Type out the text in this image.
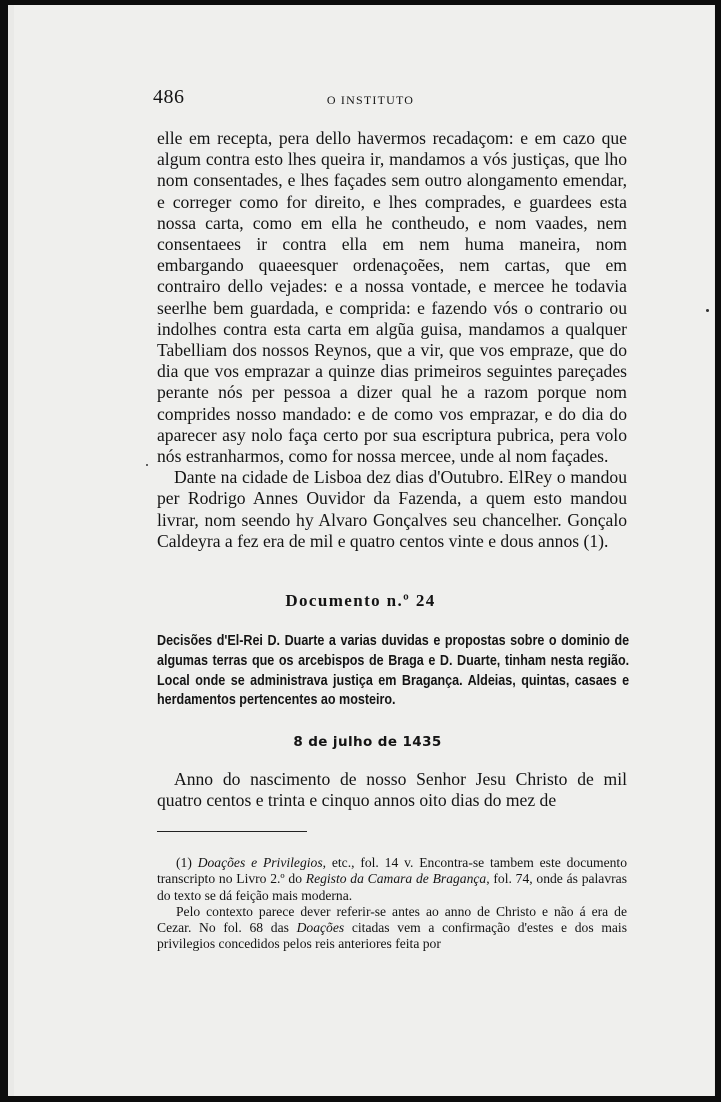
486	O INSTITUTO

elle em recepta, pera dello havermos recadaçom: e em cazo que algum contra esto lhes queira ir, mandamos a vós justiças, que lho nom consentades, e lhes façades sem outro alongamento emendar, e correger como for direito, e lhes comprades, e guardees esta nossa carta, como em ella he contheudo, e nom vaades, nem consentaees ir contra ella em nem huma maneira, nom embargando quaeesquer ordenaçoẽes, nem cartas, que em contrairo dello vejades: e a nossa vontade, e mercee he todavia seerlhe bem guardada, e comprida: e fazendo vós o contrario ou indolhes contra esta carta em algũa guisa, mandamos a qualquer Tabelliam dos nossos Reynos, que a vir, que vos empraze, que do dia que vos emprazar a quinze dias primeiros seguintes pareçades perante nós per pessoa a dizer qual he a razom porque nom comprides nosso mandado: e de como vos emprazar, e do dia do aparecer asy nolo faça certo por sua escriptura pubrica, pera volo nós estranharmos, como for nossa mercee, unde al nom façades.

Dante na cidade de Lisboa dez dias d'Outubro. ElRey o mandou per Rodrigo Annes Ouvidor da Fazenda, a quem esto mandou livrar, nom seendo hy Alvaro Gonçalves seu chancelher. Gonçalo Caldeyra a fez era de mil e quatro centos vinte e dous annos (1).

Documento n.º 24
Decisões d'El-Rei D. Duarte a varias duvidas e propostas sobre o dominio de algumas terras que os arcebispos de Braga e D. Duarte, tinham nesta região. Local onde se administrava justiça em Bragança. Aldeias, quintas, casaes e herdamentos pertencentes ao mosteiro.
8 de julho de 1435

Anno do nascimento de nosso Senhor Jesu Christo de mil quatro centos e trinta e cinquo annos oito dias do mez de

(1) Doações e Privilegios, etc., fol. 14 v. Encontra-se tambem este documento transcripto no Livro 2.º do Registo da Camara de Bragança, fol. 74, onde ás palavras do texto se dá feição mais moderna.

Pelo contexto parece dever referir-se antes ao anno de Christo e não á era de Cezar. No fol. 68 das Doações citadas vem a confirmação d'estes e dos mais privilegios concedidos pelos reis anteriores feita por
